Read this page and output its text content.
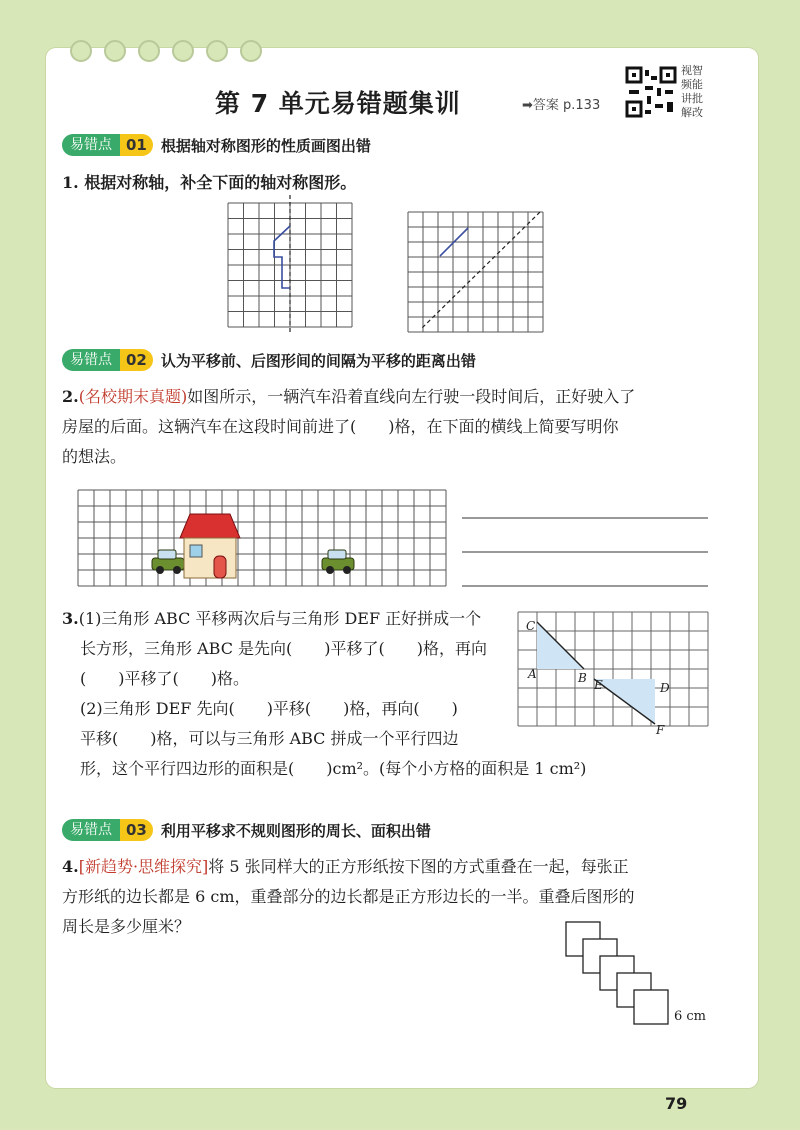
第 7 单元易错题集训	➡答案 p.133
视智频能讲批解改
易错点 01 根据轴对称图形的性质画图出错
1. 根据对称轴，补全下面的轴对称图形。
易错点 02 认为平移前、后图形间的间隔为平移的距离出错
2.(名校期末真题)如图所示，一辆汽车沿着直线向左行驶一段时间后，正好驶入了
房屋的后面。这辆汽车在这段时间前进了(　　)格，在下面的横线上简要写明你
的想法。
3.(1)三角形 ABC 平移两次后与三角形 DEF 正好拼成一个
长方形，三角形 ABC 是先向(　　)平移了(　　)格，再向
(　　)平移了(　　)格。
(2)三角形 DEF 先向(　　)平移(　　)格，再向(　　)
平移(　　)格，可以与三角形 ABC 拼成一个平行四边
形，这个平行四边形的面积是(　　)cm²。(每个小方格的面积是 1 cm²)
C
A	B E	D
F
易错点 03 利用平移求不规则图形的周长、面积出错
4.[新趋势·思维探究]将 5 张同样大的正方形纸按下图的方式重叠在一起，每张正
方形纸的边长都是 6 cm，重叠部分的边长都是正方形边长的一半。重叠后图形的
周长是多少厘米？
6 cm
79
